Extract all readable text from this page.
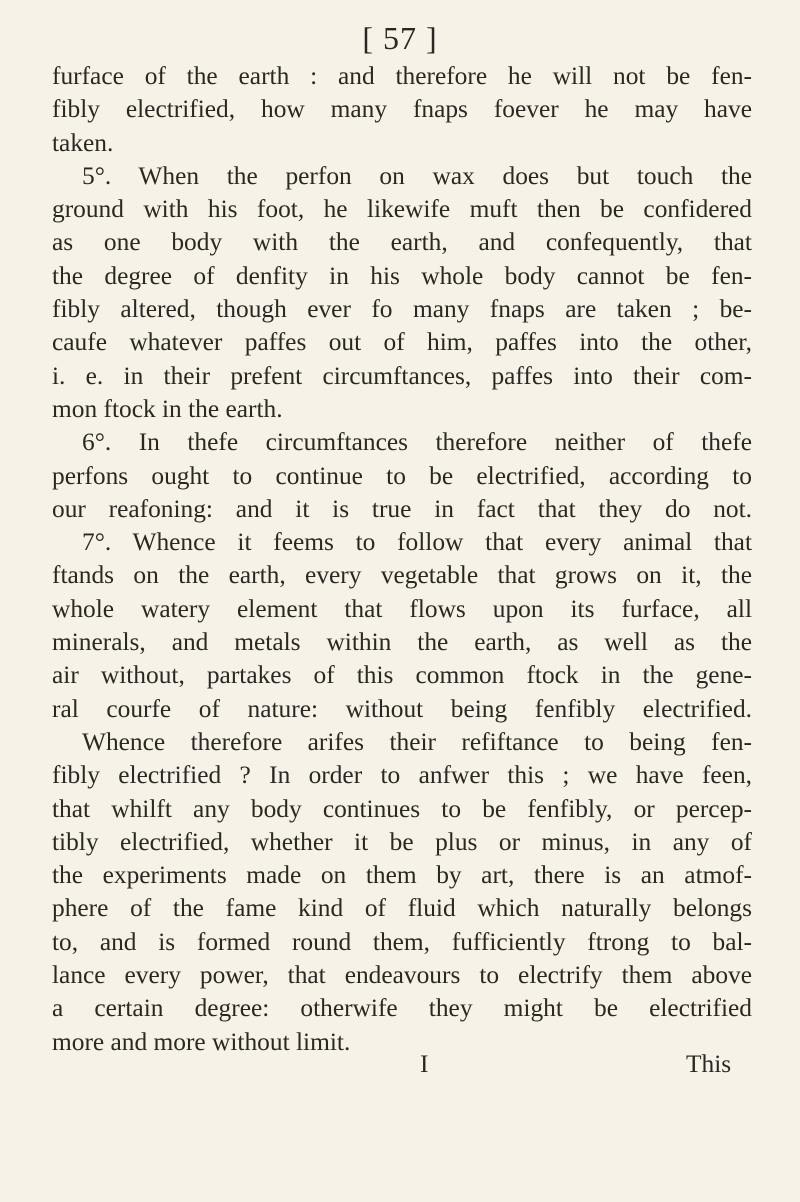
[ 57 ]
furface of the earth : and therefore he will not be fen-
fibly electrified, how many fnaps foever he may have
taken.
5°. When the perfon on wax does but touch the
ground with his foot, he likewife muft then be confidered
as one body with the earth, and confequently, that
the degree of denfity in his whole body cannot be fen-
fibly altered, though ever fo many fnaps are taken ; be-
caufe whatever paffes out of him, paffes into the other,
i. e. in their prefent circumftances, paffes into their com-
mon ftock in the earth.
6°. In thefe circumftances therefore neither of thefe
perfons ought to continue to be electrified, according to
our reafoning: and it is true in fact that they do not.
7°. Whence it feems to follow that every animal that
ftands on the earth, every vegetable that grows on it, the
whole watery element that flows upon its furface, all
minerals, and metals within the earth, as well as the
air without, partakes of this common ftock in the gene-
ral courfe of nature: without being fenfibly electrified.
Whence therefore arifes their refiftance to being fen-
fibly electrified ? In order to anfwer this ; we have feen,
that whilft any body continues to be fenfibly, or percep-
tibly electrified, whether it be plus or minus, in any of
the experiments made on them by art, there is an atmof-
phere of the fame kind of fluid which naturally belongs
to, and is formed round them, fufficiently ftrong to bal-
lance every power, that endeavours to electrify them above
a certain degree: otherwife they might be electrified
more and more without limit.
I	This
